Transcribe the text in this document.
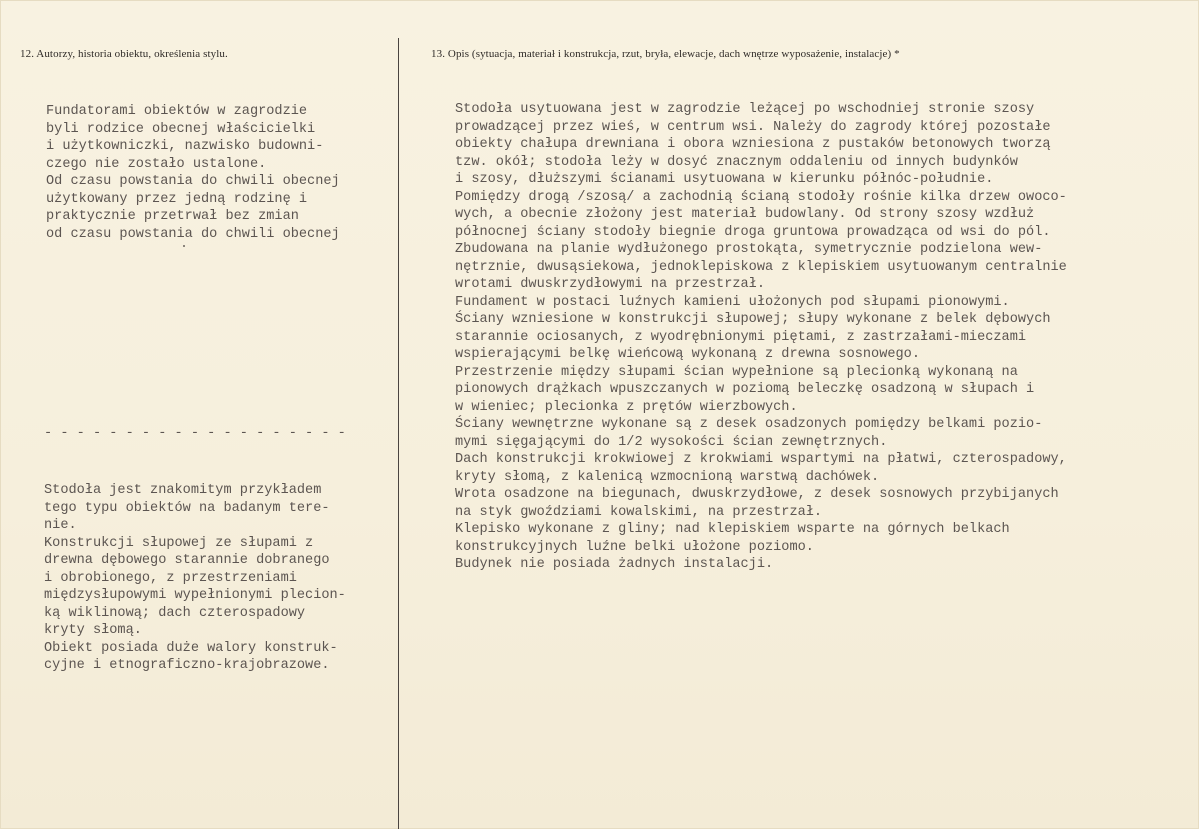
12. Autorzy, historia obiektu, określenia stylu.	13. Opis (sytuacja, materiał i konstrukcja, rzut, bryła, elewacje, dach wnętrze wyposażenie, instalacje) *
Fundatorami obiektów w zagrodzie
byli rodzice obecnej właścicielki
i użytkowniczki, nazwisko budowni-
czego nie zostało ustalone.
Od czasu powstania do chwili obecnej
użytkowany przez jedną rodzinę i
praktycznie przetrwał bez zmian
od czasu powstania do chwili obecnej
- - - - - - - - - - - - - - - - - - -
Stodoła jest znakomitym przykładem
tego typu obiektów na badanym tere-
nie.
Konstrukcji słupowej ze słupami z
drewna dębowego starannie dobranego
i obrobionego, z przestrzeniami
międzysłupowymi wypełnionymi plecion-
ką wiklinową; dach czterospadowy
kryty słomą.
Obiekt posiada duże walory konstruk-
cyjne i etnograficzno-krajobrazowe.
Stodoła usytuowana jest w zagrodzie leżącej po wschodniej stronie szosy
prowadzącej przez wieś, w centrum wsi. Należy do zagrody której pozostałe
obiekty chałupa drewniana i obora wzniesiona z pustaków betonowych tworzą
tzw. okół; stodoła leży w dosyć znacznym oddaleniu od innych budynków
i szosy, dłuższymi ścianami usytuowana w kierunku półnóc-południe.
Pomiędzy drogą /szosą/ a zachodnią ścianą stodoły rośnie kilka drzew owoco-
wych, a obecnie złożony jest materiał budowlany. Od strony szosy wzdłuż
północnej ściany stodoły biegnie droga gruntowa prowadząca od wsi do pól.
Zbudowana na planie wydłużonego prostokąta, symetrycznie podzielona wew-
nętrznie, dwusąsiekowa, jednoklepiskowa z klepiskiem usytuowanym centralnie
wrotami dwuskrzydłowymi na przestrzał.
Fundament w postaci luźnych kamieni ułożonych pod słupami pionowymi.
Ściany wzniesione w konstrukcji słupowej; słupy wykonane z belek dębowych
starannie ociosanych, z wyodrębnionymi piętami, z zastrzałami-mieczami
wspierającymi belkę wieńcową wykonaną z drewna sosnowego.
Przestrzenie między słupami ścian wypełnione są plecionką wykonaną na
pionowych drążkach wpuszczanych w poziomą beleczkę osadzoną w słupach i
w wieniec; plecionka z prętów wierzbowych.
Ściany wewnętrzne wykonane są z desek osadzonych pomiędzy belkami pozio-
mymi sięgającymi do 1/2 wysokości ścian zewnętrznych.
Dach konstrukcji krokwiowej z krokwiami wspartymi na płatwi, czterospadowy,
kryty słomą, z kalenicą wzmocnioną warstwą dachówek.
Wrota osadzone na biegunach, dwuskrzydłowe, z desek sosnowych przybijanych
na styk gwoździami kowalskimi, na przestrzał.
Klepisko wykonane z gliny; nad klepiskiem wsparte na górnych belkach
konstrukcyjnych luźne belki ułożone poziomo.
Budynek nie posiada żadnych instalacji.
